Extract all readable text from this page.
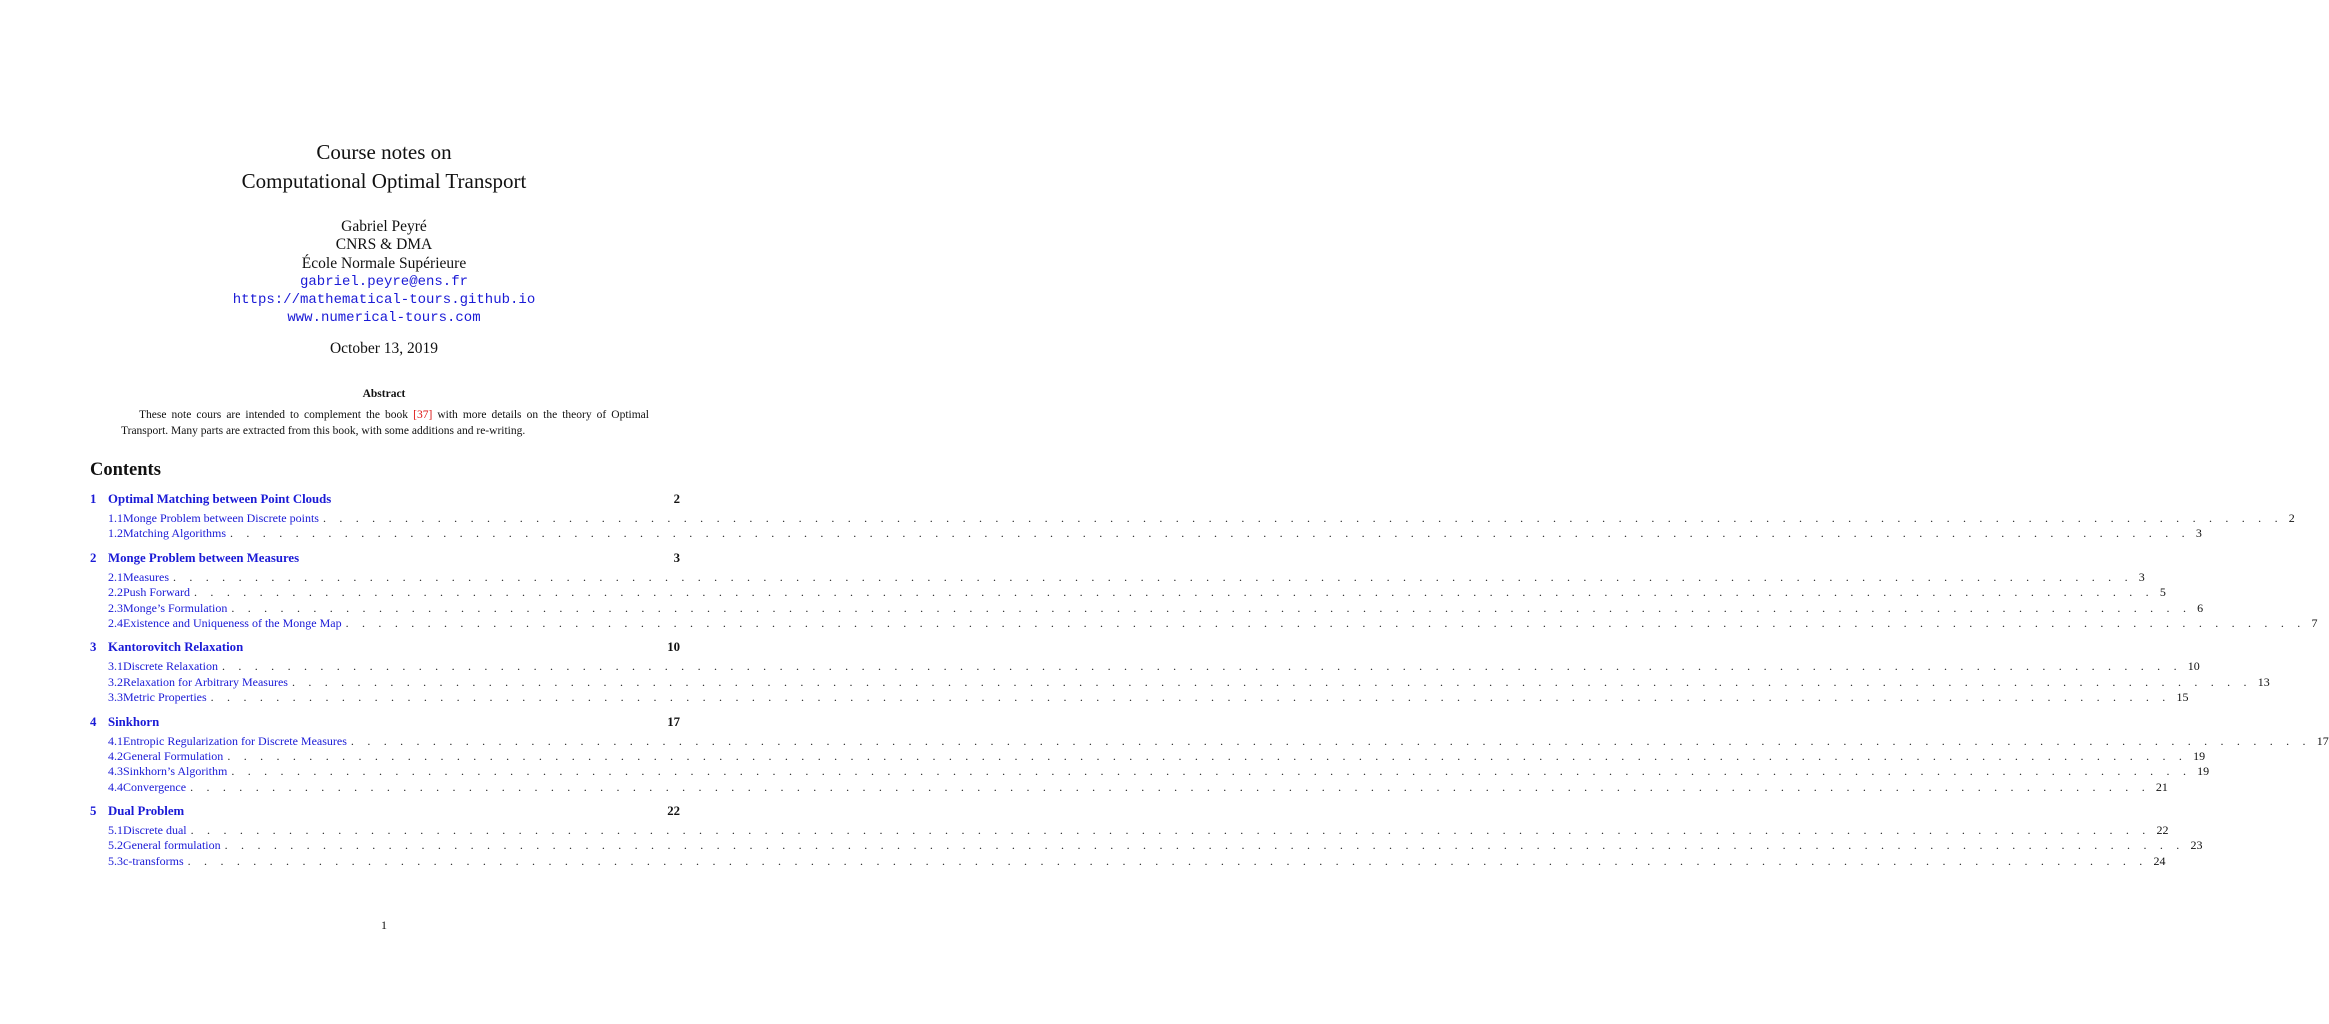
Course notes on
Computational Optimal Transport
Gabriel Peyré
CNRS & DMA
École Normale Supérieure
gabriel.peyre@ens.fr
https://mathematical-tours.github.io
www.numerical-tours.com
October 13, 2019
Abstract
These note cours are intended to complement the book [37] with more details on the theory of Optimal Transport. Many parts are extracted from this book, with some additions and re-writing.
Contents
1 Optimal Matching between Point Clouds	2
1.1 Monge Problem between Discrete points . . . . . . . . . . . . . . . . . . . . . . . . . . . . . . . . . . . . . . . . . . . . . . . . . . . . . . . . . . . . . . . . . . . . . . . . . . . . . . . . . . . . . . . . . . . . . . . . . . . . . . . . . . . . . . . . . . . . . . . . 2
1.2 Matching Algorithms . . . . . . . . . . . . . . . . . . . . . . . . . . . . . . . . . . . . . . . . . . . . . . . . . . . . . . . . . . . . . . . . . . . . . . . . . . . . . . . . . . . . . . . . . . . . . . . . . . . . . . . . . . . . . . . . . . . . . . . . 3
2 Monge Problem between Measures	3
2.1 Measures . . . . . . . . . . . . . . . . . . . . . . . . . . . . . . . . . . . . . . . . . . . . . . . . . . . . . . . . . . . . . . . . . . . . . . . . . . . . . . . . . . . . . . . . . . . . . . . . . . . . . . . . . . . . . . . . . . . . . . . . 3
2.2 Push Forward . . . . . . . . . . . . . . . . . . . . . . . . . . . . . . . . . . . . . . . . . . . . . . . . . . . . . . . . . . . . . . . . . . . . . . . . . . . . . . . . . . . . . . . . . . . . . . . . . . . . . . . . . . . . . . . . . . . . . . . . 5
2.3 Monge’s Formulation . . . . . . . . . . . . . . . . . . . . . . . . . . . . . . . . . . . . . . . . . . . . . . . . . . . . . . . . . . . . . . . . . . . . . . . . . . . . . . . . . . . . . . . . . . . . . . . . . . . . . . . . . . . . . . . . . . . . . . . . 6
2.4 Existence and Uniqueness of the Monge Map . . . . . . . . . . . . . . . . . . . . . . . . . . . . . . . . . . . . . . . . . . . . . . . . . . . . . . . . . . . . . . . . . . . . . . . . . . . . . . . . . . . . . . . . . . . . . . . . . . . . . . . . . . . . . . . . . . . . . . . . 7
3 Kantorovitch Relaxation	10
3.1 Discrete Relaxation . . . . . . . . . . . . . . . . . . . . . . . . . . . . . . . . . . . . . . . . . . . . . . . . . . . . . . . . . . . . . . . . . . . . . . . . . . . . . . . . . . . . . . . . . . . . . . . . . . . . . . . . . . . . . . . . . . . . . . . . 10
3.2 Relaxation for Arbitrary Measures . . . . . . . . . . . . . . . . . . . . . . . . . . . . . . . . . . . . . . . . . . . . . . . . . . . . . . . . . . . . . . . . . . . . . . . . . . . . . . . . . . . . . . . . . . . . . . . . . . . . . . . . . . . . . . . . . . . . . . . . 13
3.3 Metric Properties . . . . . . . . . . . . . . . . . . . . . . . . . . . . . . . . . . . . . . . . . . . . . . . . . . . . . . . . . . . . . . . . . . . . . . . . . . . . . . . . . . . . . . . . . . . . . . . . . . . . . . . . . . . . . . . . . . . . . . . . 15
4 Sinkhorn	17
4.1 Entropic Regularization for Discrete Measures . . . . . . . . . . . . . . . . . . . . . . . . . . . . . . . . . . . . . . . . . . . . . . . . . . . . . . . . . . . . . . . . . . . . . . . . . . . . . . . . . . . . . . . . . . . . . . . . . . . . . . . . . . . . . . . . . . . . . . . . 17
4.2 General Formulation . . . . . . . . . . . . . . . . . . . . . . . . . . . . . . . . . . . . . . . . . . . . . . . . . . . . . . . . . . . . . . . . . . . . . . . . . . . . . . . . . . . . . . . . . . . . . . . . . . . . . . . . . . . . . . . . . . . . . . . . 19
4.3 Sinkhorn’s Algorithm . . . . . . . . . . . . . . . . . . . . . . . . . . . . . . . . . . . . . . . . . . . . . . . . . . . . . . . . . . . . . . . . . . . . . . . . . . . . . . . . . . . . . . . . . . . . . . . . . . . . . . . . . . . . . . . . . . . . . . . . 19
4.4 Convergence . . . . . . . . . . . . . . . . . . . . . . . . . . . . . . . . . . . . . . . . . . . . . . . . . . . . . . . . . . . . . . . . . . . . . . . . . . . . . . . . . . . . . . . . . . . . . . . . . . . . . . . . . . . . . . . . . . . . . . . . 21
5 Dual Problem	22
5.1 Discrete dual . . . . . . . . . . . . . . . . . . . . . . . . . . . . . . . . . . . . . . . . . . . . . . . . . . . . . . . . . . . . . . . . . . . . . . . . . . . . . . . . . . . . . . . . . . . . . . . . . . . . . . . . . . . . . . . . . . . . . . . . 22
5.2 General formulation . . . . . . . . . . . . . . . . . . . . . . . . . . . . . . . . . . . . . . . . . . . . . . . . . . . . . . . . . . . . . . . . . . . . . . . . . . . . . . . . . . . . . . . . . . . . . . . . . . . . . . . . . . . . . . . . . . . . . . . . 23
5.3 c-transforms . . . . . . . . . . . . . . . . . . . . . . . . . . . . . . . . . . . . . . . . . . . . . . . . . . . . . . . . . . . . . . . . . . . . . . . . . . . . . . . . . . . . . . . . . . . . . . . . . . . . . . . . . . . . . . . . . . . . . . . . 24
1
